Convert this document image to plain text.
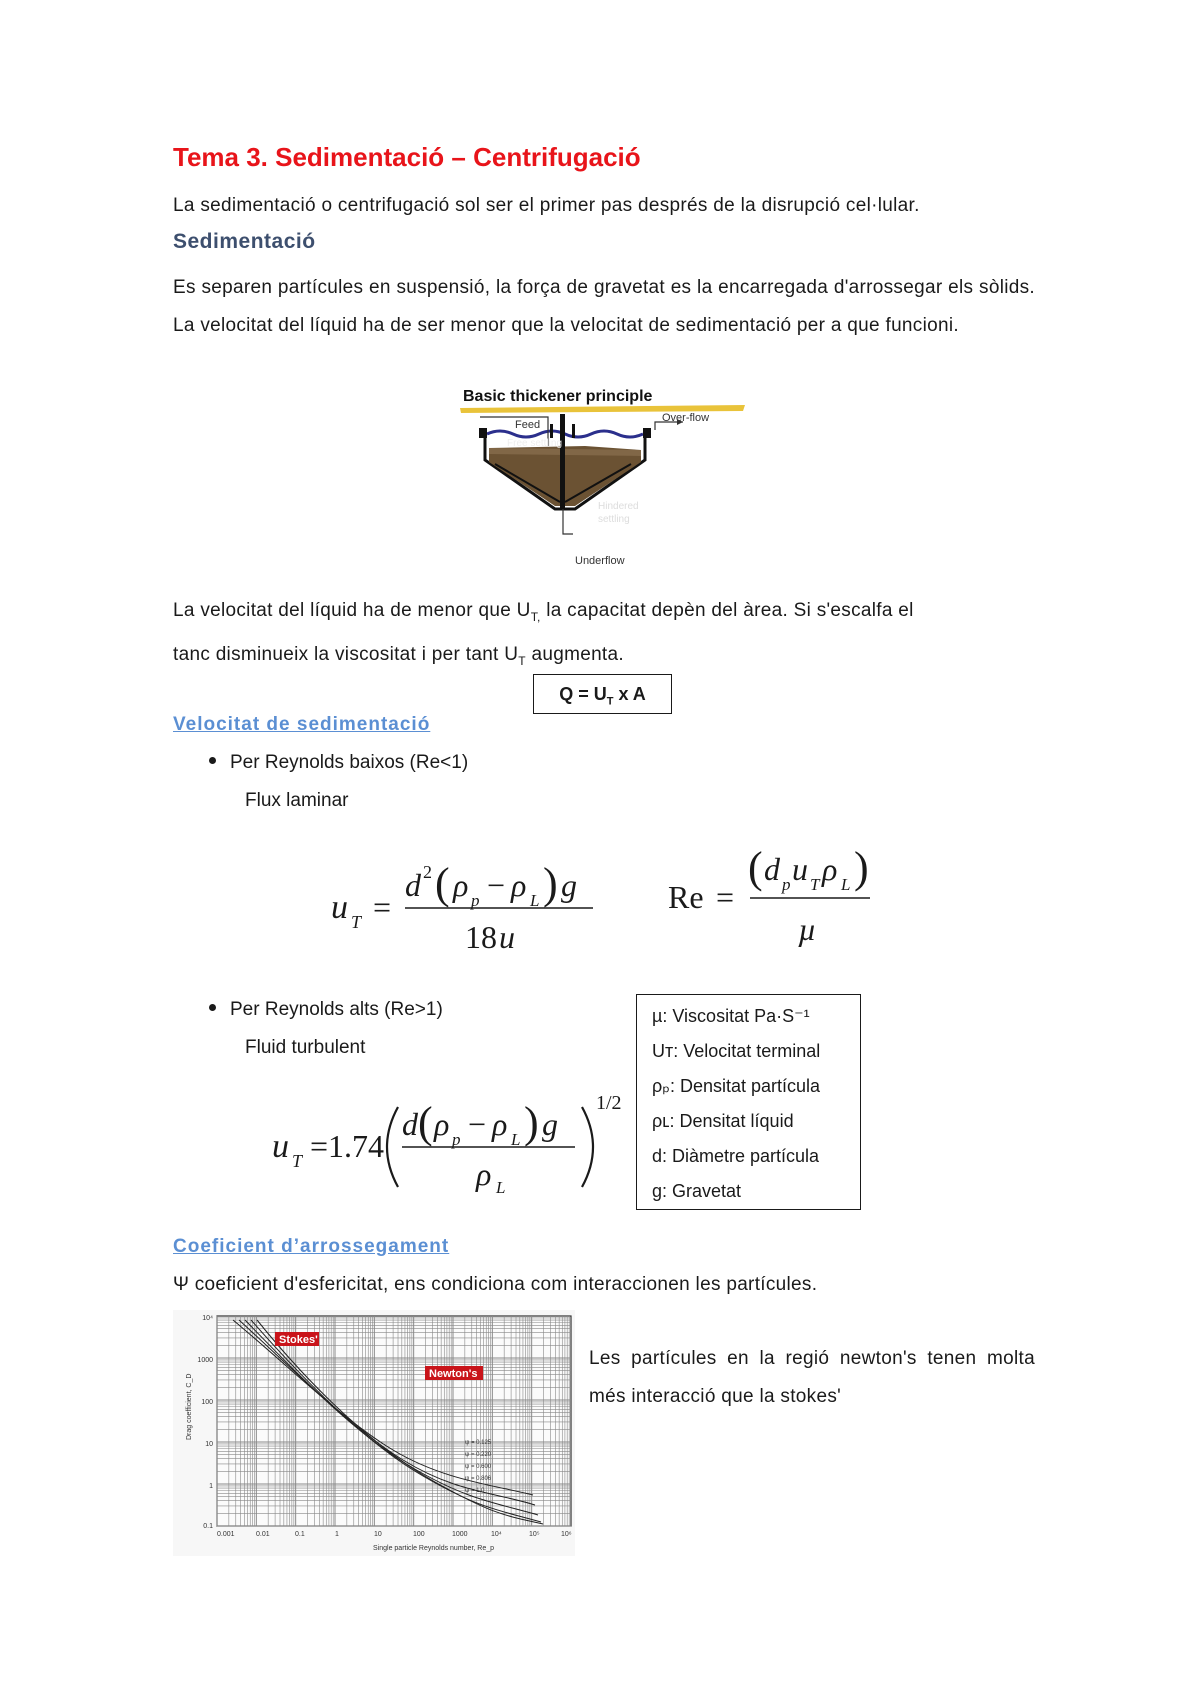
Tema 3. Sedimentació – Centrifugació
La sedimentació o centrifugació sol ser el primer pas després de la disrupció cel·lular.
Sedimentació
Es separen partícules en suspensió, la força de gravetat es la encarregada d'arrossegar els sòlids. La velocitat del líquid ha de ser menor que la velocitat de sedimentació per a que funcioni.
Basic thickener principle
Feed
Over-flow
Free settling
Hindered
settling
Underflow
La velocitat del líquid ha de menor que $U_{T,}$ la capacitat depèn del àrea. Si s'escalfa el
tanc disminueix la viscositat i per tant $U_T$ augmenta.
$Q = U_T$ x A
Velocitat de sedimentació
Per Reynolds baixos (Re<1)
Flux laminar
u T =
d 2 ( ρ p − ρ L ) g
18 u
Re =
( d p u T ρ L )
µ
Per Reynolds alts (Re>1)
Fluid turbulent
u T =1.74
d ( ρ p − ρ L ) g
ρ L
1/2
µ: Viscositat Pa·S⁻¹
Uᴛ: Velocitat terminal
ρₚ: Densitat partícula
ρʟ: Densitat líquid
d: Diàmetre partícula
g: Gravetat
Coeficient d’arrossegament
Ψ coeficient d'esfericitat, ens condiciona com interaccionen les partícules.
10⁴
1000
100
10
1
0.1
0.001	0.01	0.1	1	10	100	1000	10⁴	10⁵	10⁶
Single particle Reynolds number, Re_p
Drag coefficient, C_D
Stokes'
Newton's
ψ = 0.125
ψ = 0.220
ψ = 0.600
ψ = 0.806
ψ = 1.0
Les partícules en la regió newton's tenen molta més interacció que la stokes'
